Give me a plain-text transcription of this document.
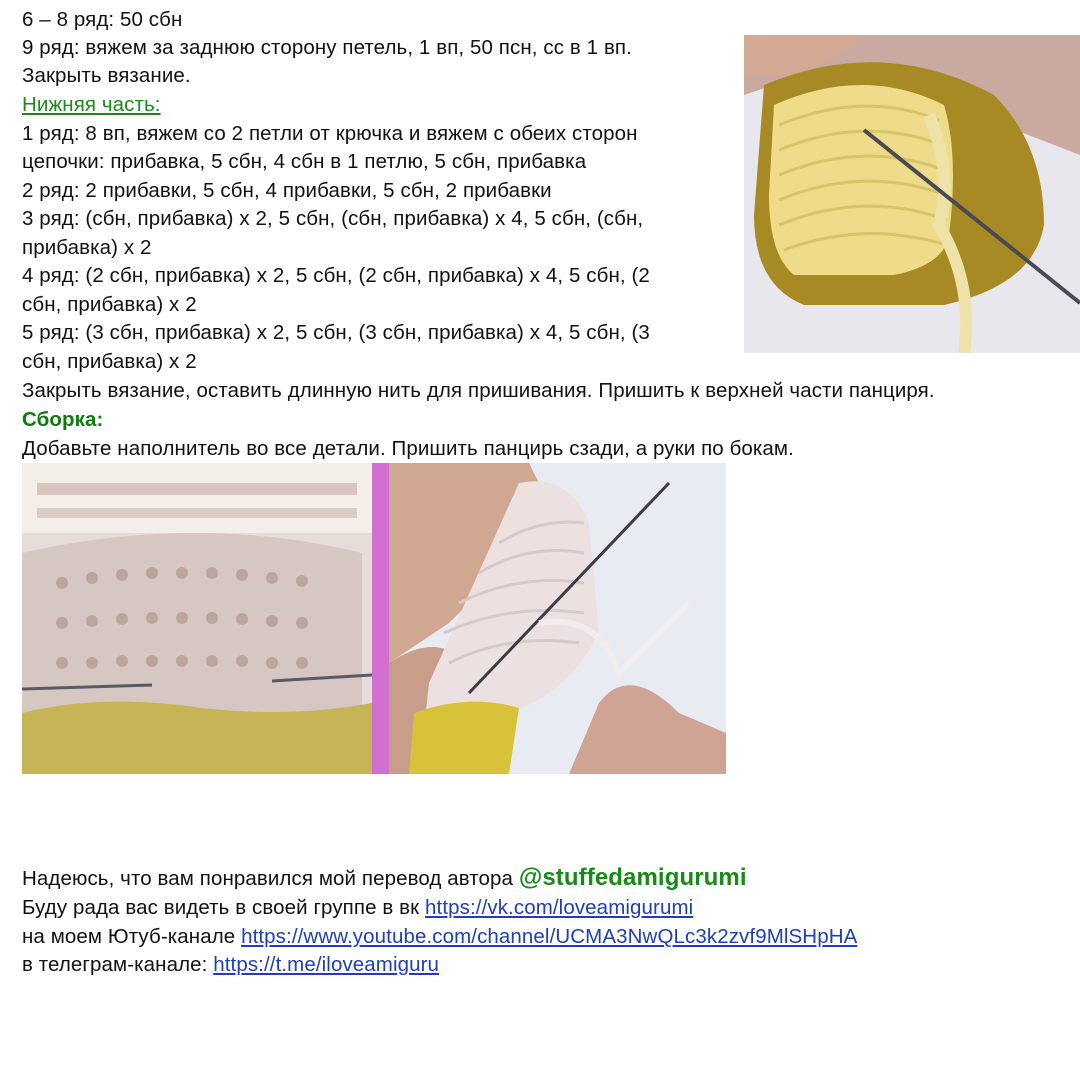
6 – 8 ряд: 50 сбн
9 ряд: вяжем за заднюю сторону петель, 1 вп, 50 псн, сс в 1 вп.
Закрыть вязание.
Нижняя часть:
1 ряд: 8 вп, вяжем со 2 петли от крючка и вяжем с обеих сторон
цепочки: прибавка, 5 сбн, 4 сбн в 1 петлю, 5 сбн, прибавка
2 ряд: 2 прибавки, 5 сбн, 4 прибавки, 5 сбн, 2 прибавки
3 ряд: (сбн, прибавка) х 2, 5 сбн, (сбн, прибавка) х 4, 5 сбн, (сбн,
прибавка) х 2
4 ряд: (2 сбн, прибавка) х 2, 5 сбн, (2 сбн, прибавка) х 4, 5 сбн, (2
сбн, прибавка) х 2
5 ряд: (3 сбн, прибавка) х 2, 5 сбн, (3 сбн, прибавка) х 4, 5 сбн, (3
сбн, прибавка) х 2
Закрыть вязание, оставить длинную нить для пришивания. Пришить к верхней части панциря.
Сборка:
Добавьте наполнитель во все детали. Пришить панцирь сзади, а руки по бокам.
Надеюсь, что вам понравился мой перевод автора @stuffedamigurumi
Буду рада вас видеть в своей группе в вк https://vk.com/loveamigurumi
на моем Ютуб-канале https://www.youtube.com/channel/UCMA3NwQLc3k2zvf9MlSHpHA
в телеграм-канале: https://t.me/iloveamiguru
